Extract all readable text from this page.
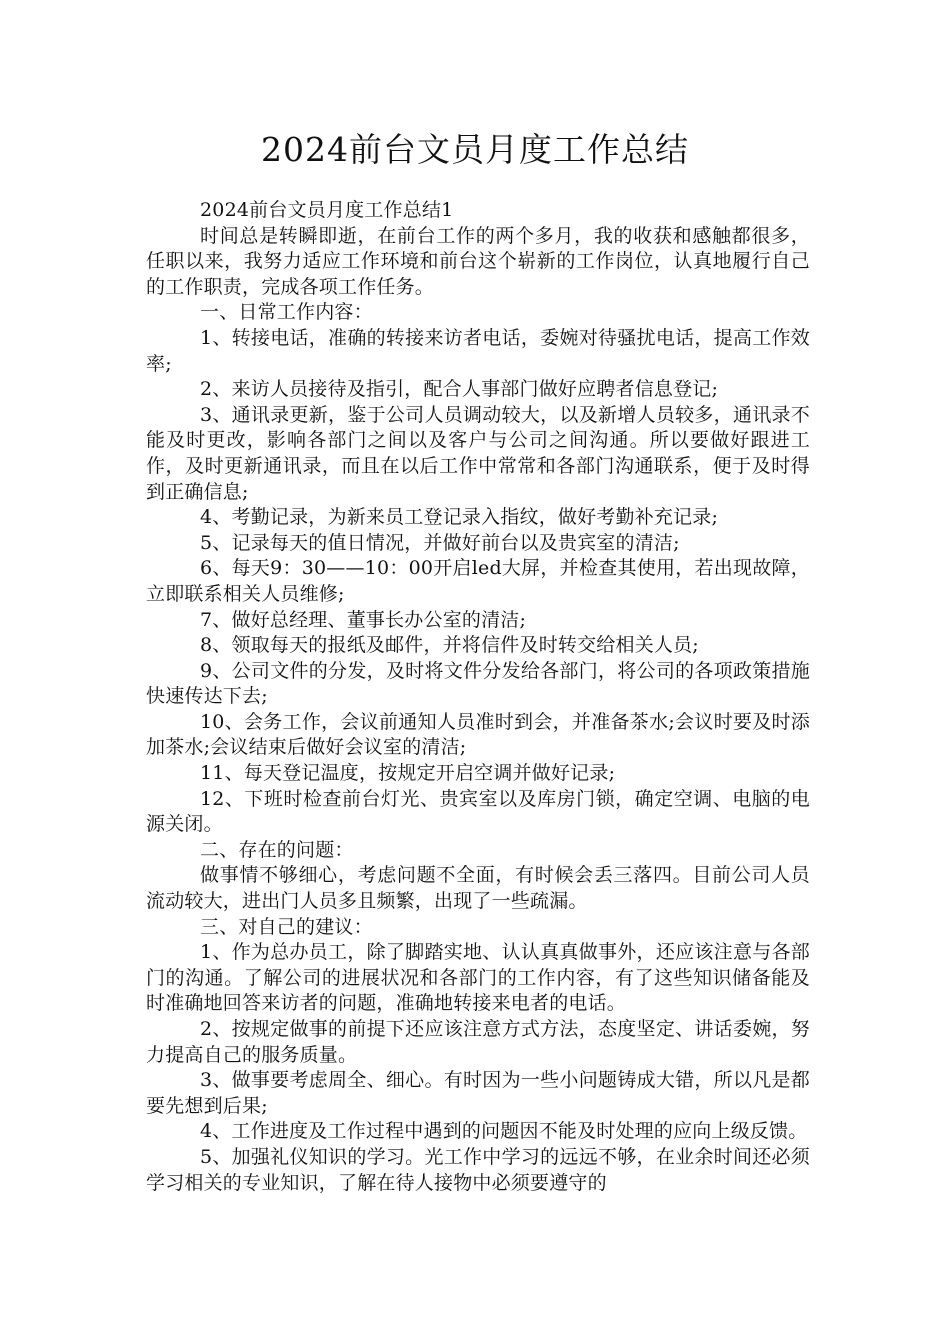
2024前台文员月度工作总结

2024前台文员月度工作总结1

时间总是转瞬即逝，在前台工作的两个多月，我的收获和感触都很多，任职以来，我努力适应工作环境和前台这个崭新的工作岗位，认真地履行自己的工作职责，完成各项工作任务。

一、日常工作内容：

1、转接电话，准确的转接来访者电话，委婉对待骚扰电话，提高工作效率;

2、来访人员接待及指引，配合人事部门做好应聘者信息登记;

3、通讯录更新，鉴于公司人员调动较大，以及新增人员较多，通讯录不能及时更改，影响各部门之间以及客户与公司之间沟通。所以要做好跟进工作，及时更新通讯录，而且在以后工作中常常和各部门沟通联系，便于及时得到正确信息;

4、考勤记录，为新来员工登记录入指纹，做好考勤补充记录;

5、记录每天的值日情况，并做好前台以及贵宾室的清洁;

6、每天9：30——10：00开启led大屏，并检查其使用，若出现故障，立即联系相关人员维修;

7、做好总经理、董事长办公室的清洁;

8、领取每天的报纸及邮件，并将信件及时转交给相关人员;

9、公司文件的分发，及时将文件分发给各部门，将公司的各项政策措施快速传达下去;

10、会务工作，会议前通知人员准时到会，并准备茶水;会议时要及时添加茶水;会议结束后做好会议室的清洁;

11、每天登记温度，按规定开启空调并做好记录;

12、下班时检查前台灯光、贵宾室以及库房门锁，确定空调、电脑的电源关闭。

二、存在的问题：

做事情不够细心，考虑问题不全面，有时候会丢三落四。目前公司人员流动较大，进出门人员多且频繁，出现了一些疏漏。

三、对自己的建议：

1、作为总办员工，除了脚踏实地、认认真真做事外，还应该注意与各部门的沟通。了解公司的进展状况和各部门的工作内容，有了这些知识储备能及时准确地回答来访者的问题，准确地转接来电者的电话。

2、按规定做事的前提下还应该注意方式方法，态度坚定、讲话委婉，努力提高自己的服务质量。

3、做事要考虑周全、细心。有时因为一些小问题铸成大错，所以凡是都要先想到后果;

4、工作进度及工作过程中遇到的问题因不能及时处理的应向上级反馈。

5、加强礼仪知识的学习。光工作中学习的远远不够，在业余时间还必须学习相关的专业知识，了解在待人接物中必须要遵守的
